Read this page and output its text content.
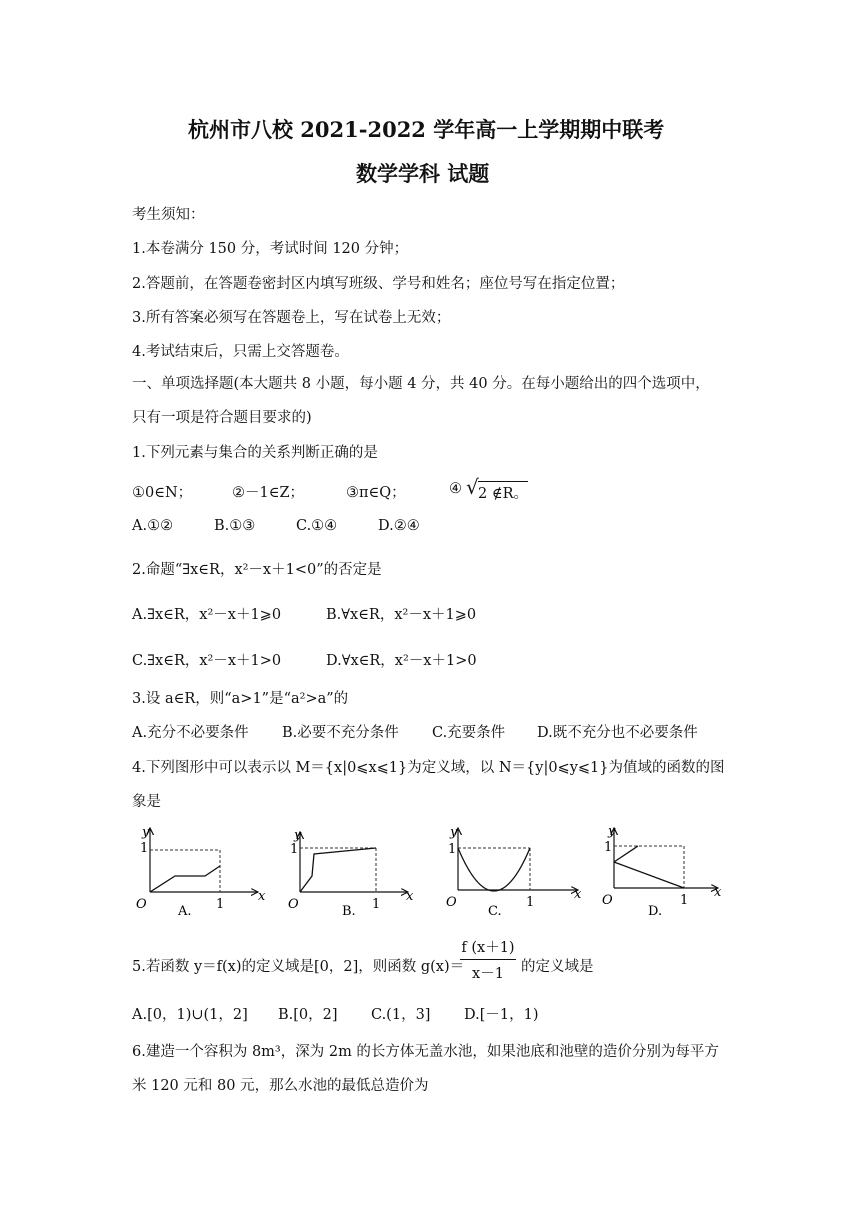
杭州市八校 2021-2022 学年高一上学期期中联考
数学学科 试题
考生须知：
1.本卷满分 150 分，考试时间 120 分钟；
2.答题前，在答题卷密封区内填写班级、学号和姓名；座位号写在指定位置；
3.所有答案必须写在答题卷上，写在试卷上无效；
4.考试结束后，只需上交答题卷。
一、单项选择题(本大题共 8 小题，每小题 4 分，共 40 分。在每小题给出的四个选项中，
只有一项是符合题目要求的)
1.下列元素与集合的关系判断正确的是
①0∈N；	②－1∈Z；	③π∈Q；	④ √ 2 ∉R。
A.①②	B.①③	C.①④	D.②④
2.命题“∃x∈R，x²－x＋1<0”的否定是
A.∃x∈R，x²－x＋1⩾0	B.∀x∈R，x²－x＋1⩾0
C.∃x∈R，x²－x＋1>0	D.∀x∈R，x²－x＋1>0
3.设 a∈R，则“a>1”是“a²>a”的
A.充分不必要条件 B.必要不充分条件 C.充要条件 D.既不充分也不必要条件
4.下列图形中可以表示以 M＝{x|0⩽x⩽1}为定义域，以 N＝{y|0⩽y⩽1}为值域的函数的图
象是
y
1
O	1
x
A.
y
1
O	1
x
B.
y
1
O	1
x
C.
y
1
O	1
x
D.
5.若函数 y＝f(x)的定义域是[0，2]，则函数 g(x)＝
f (x＋1)
x－1	的定义域是
A.[0，1)∪(1，2] B.[0，2] C.(1，3] D.[－1，1)
6.建造一个容积为 8m³，深为 2m 的长方体无盖水池，如果池底和池壁的造价分别为每平方
米 120 元和 80 元，那么水池的最低总造价为
